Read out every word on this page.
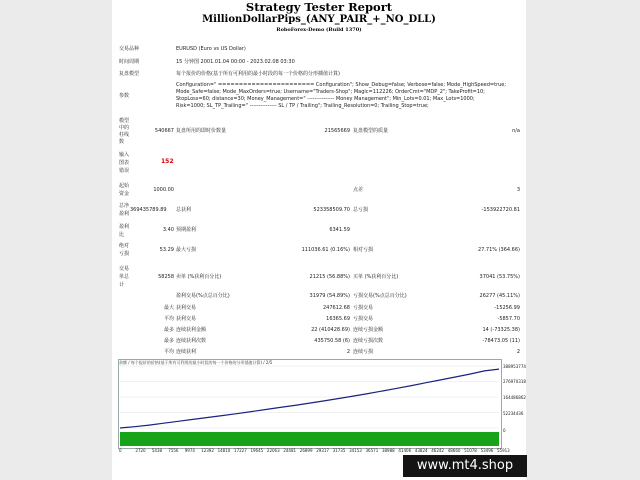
Strategy Tester Report
MillionDollarPips_(ANY_PAIR_+_NO_DLL)
RoboForex-Demo (Build 1370)
交易品种	EURUSD (Euro vs US Dollar)
时间周期	15 分钟图 2001.01.04 00:00 - 2023.02.08 03:30
复盘模型	每个报价的价格(基于所有可利用的最小时段的每一个价格的分形插值计算)
参数
Configuration=" ======================= Configuration"; Show_Debug=false; Verbose=false; Mode_HighSpeed=true;
Mode_Safe=false; Mode_MaxOrders=true; Username="Traders-Shop"; Magic=112226; OrderCmt="MDP_2"; TakeProfit=10;
StopLoss=60; distance=30; Money_Management=" --------------- Money Management"; Min_Lots=0.01; Max_Lots=1000;
Risk=1000; SL_TP_Trailing=" --------------- SL / TP / Trailing"; Trailing_Resolution=0; Trailing_Stop=true;
模型
中的
柱线
数
540667 复盘所用的即时价数量	21565669 复盘模型的质量	n/a
输入
图表
错误
152
起始
资金
1000.00	点差	3
总净
盈利
369435789.89 总获利	523358509.70 总亏损	-153922720.81
盈利
比
3.40 预期盈利	6341.59
绝对
亏损
53.29 最大亏损	111036.61 (0.16%) 相对亏损	27.71% (364.66)
交易
单总
计
58258 卖单 (%获利百分比)	21215 (56.88%) 买单 (%获利百分比)	37041 (53.75%)
盈利交易(%点总百分比)	31979 (54.89%) 亏损交易(%点总百分比)	26277 (45.11%)
最大 获利交易	247612.68 亏损交易	-15256.99
平均 获利交易	16365.69 亏损交易	-5857.70
最多 连续获利金额	22 (410428.69) 连续亏损金额	14 (-73325.38)
最多 连续获利次数	435750.58 (6) 连续亏损次数	-78473.05 (11)
平均 连续获利	2 连续亏损	2
余额 / 每个报价的价格(基于所有可利用的最小时段的每一个价格的分形插值计算) / 2/5
388953774
276970318
164486862
52234436
0
0	2720 5438 7556 9974 12392 14810 17227 19645 22063 24481 26899 29317 31735 34153 36571 38988 41406 43824 46242 48660 51078 53496 55913
www.mt4.shop
